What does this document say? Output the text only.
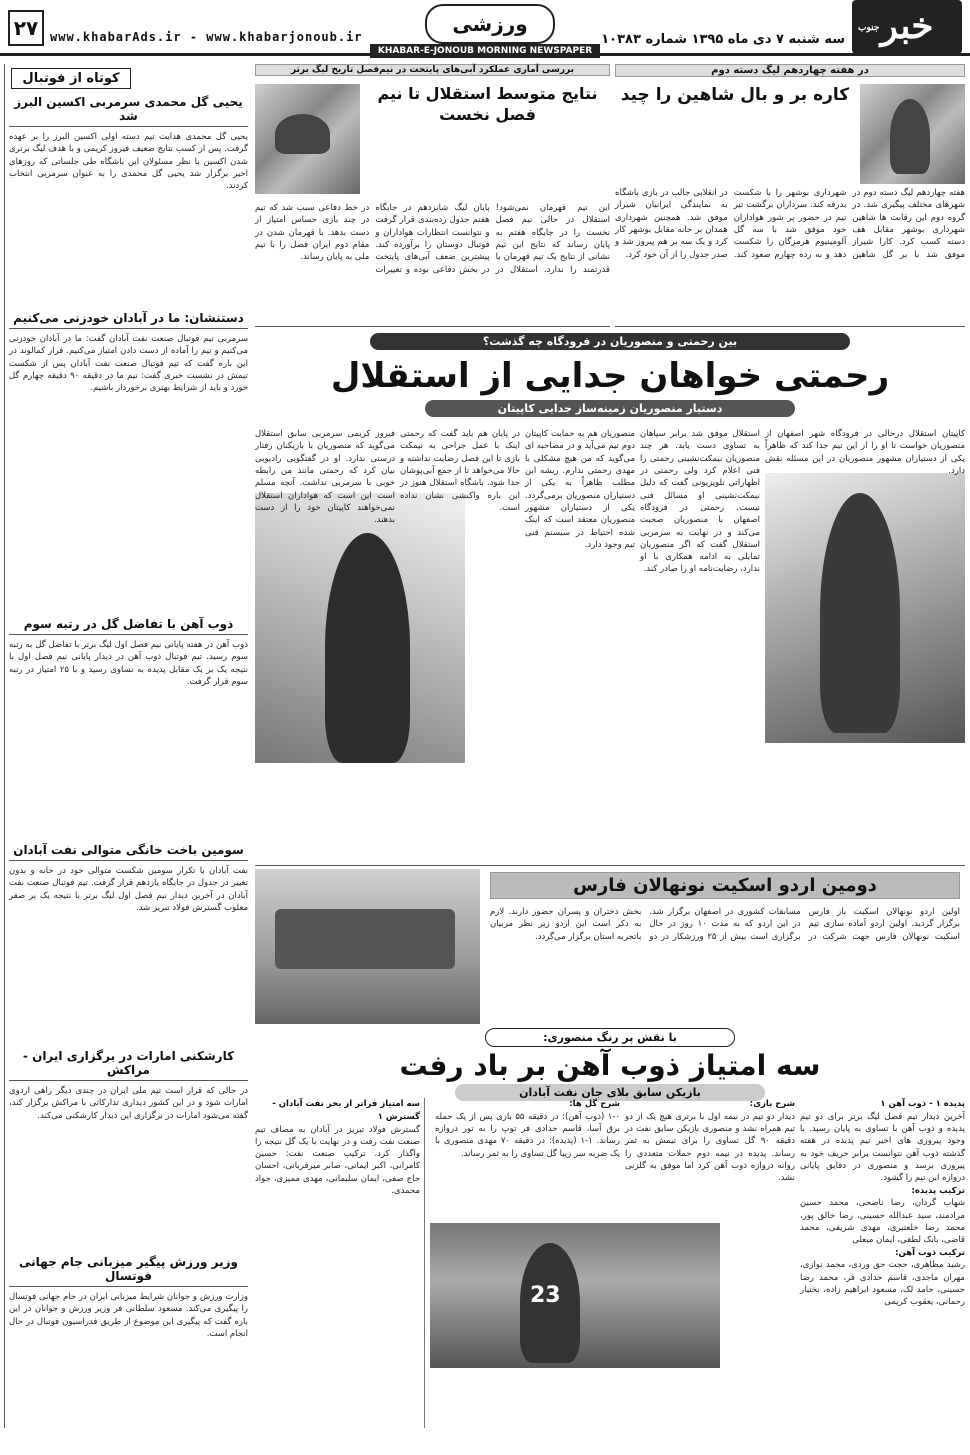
۲۷ www.khabarAds.ir - www.khabarjonoub.ir
ورزشی	جنوب خبر
سه شنبه ۷ دی ماه ۱۳۹۵ شماره ۱۰۳۸۳
KHABAR-E-JONOUB MORNING NEWSPAPER
در هفته چهاردهم لیگ دسته دوم
کاره بر و بال شاهین را چید
هفته چهاردهم لیگ دسته دوم در شهرهای مختلف پیگیری شد. در گروه دوم این رقابت ها شاهین شهرداری بوشهر مقابل هف دسته کسب کرد. کارا شیراز موفق شد با بر گل شاهین شهرداری بوشهر را با شکست بدرقه کند. سرداران برگشت تیر تیم در حضور پر شور هواداران خود موفق شد با سه گل آلومینیوم هرمزگان را شکست دهد و به رده چهارم صعود کند. در انقلابی جالب در بازی باشگاه به نمایندگی ایرانیان شیراز موفق شد. همچنین شهرداری همدان بر خانه مقابل بوشهر کار کرد و یک سه بر هم پیروز شد و صدر جدول را از آن خود کرد.
بررسی آماری عملکرد آبی‌های پایتخت در نیم‌فصل تاریخ لیگ برتر
نتایج متوسط استقلال تا نیم فصل نخست
این تیم قهرمان نمی‌شود! استقلال در حالی نیم فصل نخست را در جایگاه هفتم به پایان رساند که نتایج این تیم نشانی از نتایج یک تیم قهرمان یا قدرتمند را ندارد. استقلال در پایان لیگ شانزدهم در جایگاه هفتم جدول رده‌بندی قرار گرفت و نتوانست انتظارات هواداران و فوتبال دوستان را برآورده کند. پیشترین ضعف آبی‌های پایتخت در بخش دفاعی بوده و تغییرات در خط دفاعی سبب شد که تیم در چند بازی حساس امتیاز از دست بدهد. با قهرمان شدن در مقام دوم ایران فصل را با تیم ملی به پایان رساند.
بین رحمتی و منصوریان در فرودگاه چه گذشت؟
رحمتی خواهان جدایی از استقلال
دستیار منصوریان زمینه‌ساز جدایی کاپیتان
کاپیتان استقلال درحالی در فرودگاه شهر اصفهان از منصوریان خواست تا او را از این تیم جدا کند که ظاهراً یکی از دستیاران مشهور منصوریان در این مسئله نقش دارد.
استقلال موفق شد برابر سپاهان به تساوی دست یابد. هر چند منصوریان نیمکت‌نشینی رحمتی را فنی اعلام کرد ولی رحمتی در اظهاراتی تلویزیونی گفت که دلیل نیمکت‌نشینی او مسائل فنی نیست. رحمتی در فرودگاه اصفهان با منصوریان صحبت می‌کند و در نهایت به سرمربی استقلال گفت که اگر منصوریان تمایلی به ادامه همکاری با او ندارد، رضایت‌نامه او را صادر کند.
منصوریان هم به حمایت کاپیتان دوم تیم می‌آید و در مصاحبه ای می‌گوید که من هیچ مشکلی با مهدی رحمتی ندارم. ریشه این مطلب ظاهراً به یکی از دستیاران منصوریان برمی‌گردد. یکی از دستیاران مشهور منصوریان معتقد است که اینک شده احتیاط در سیستم فنی تیم وجود دارد.
در پایان هم باید گفت که رحمتی اینک با عمل جراحی به نیمکت بازی تا این فصل رضایت نداشته و حالا می‌خواهد تا از جمع آبی‌پوشان جدا شود. باشگاه استقلال هنوز در این باره واکنشی نشان نداده است.
فیروز کریمی سرمربی سابق استقلال می‌گوید که منصوریان با بازیکنان رفتار درستی ندارد. او در گفتگویی رادیویی بیان کرد که رحمتی مانند من رابطه خوبی با سرمربی نداشت. آنچه مسلم است این است که هواداران استقلال نمی‌خواهند کاپیتان خود را از دست بدهند.
دومین اردو اسکیت نونهالان فارس
اولین اردو نونهالان اسکیت باز فارس برگزار گردید. اولین اردو آماده سازی تیم اسکیت نونهالان فارس جهت شرکت در مسابقات کشوری در اصفهان برگزار شد. در این اردو که به مدت ۱۰ روز در حال برگزاری است بیش از ۲۵ ورزشکار در دو بخش دختران و پسران حضور دارند. لازم به ذکر است این اردو زیر نظر مربیان باتجربه استان برگزار می‌گردد.
با نقش پر رنگ منصوری:
سه امتیاز ذوب آهن بر باد رفت
بازیکن سابق بلای جان نفت آبادان
23
پدیده ۱ - ذوب آهن ۱
آخرین دیدار تیم فصل لیگ برتر برای دو تیم پدیده و ذوب آهن با تساوی به پایان رسید. با وجود پیروزی های اخیر تیم پدیده در هفته گذشته ذوب آهن نتوانست برابر حریف خود به پیروزی برسد و منصوری در دقایق پایانی دروازه این تیم را گشود.
ترکیب پدیده:
شهاب گردان، رضا ناصحی، محمد حسین مرادمند، سید عبدالله حسینی، رضا خالق پور، محمد رضا خلعتبری، مهدی شریفی، محمد قاضی، بابک لطفی، ایمان مبعلی
ترکیب ذوب آهن:
رشید مظاهری، حجت حق وردی، محمد نوازی، مهران ماجدی، قاسم حدادی فر، محمد رضا حسینی، حامد لک، مسعود ابراهیم زاده، بختیار رحمانی، یعقوب کریمی
شرح بازی:
دیدار دو تیم در نیمه اول با برتری هیچ یک از دو تیم همراه نشد و منصوری بازیکن سابق نفت در دقیقه ۹۰ گل تساوی را برای تیمش به ثمر رساند. پدیده در نیمه دوم حملات متعددی را روانه دروازه ذوب آهن کرد اما موفق به گلزنی نشد.
شرح گل ها:
۱-۰ (ذوب آهن): در دقیقه ۵۵ بازی پس از یک حمله برق آسا، قاسم حدادی فر توپ را به تور دروازه رساند. ۱-۱ (پدیده): در دقیقه ۷۰ مهدی منصوری با یک ضربه سر زیبا گل تساوی را به ثمر رساند.
سه امتیاز فراتر از بحر نفت آبادان - گسترش ۱
گسترش فولاد تبریز در آبادان به مصاف تیم صنعت نفت رفت و در نهایت با یک گل نتیجه را واگذار کرد. ترکیب صنعت نفت: حسین کامرانی، اکبر ایمانی، صابر میرقربانی، احسان حاج صفی، ایمان سلیمانی، مهدی ممیزی، جواد محمدی.
کوتاه از فوتبال
یحیی گل محمدی سرمربی اکسین البرز شد
یحیی گل محمدی هدایت تیم دسته اولی اکسین البرز را بر عهده گرفت. پس از کسب نتایج ضعیف فیروز کریمی و با هدف لیگ برتری شدن اکسین با نظر مسئولان این باشگاه طی جلساتی که روزهای اخیر برگزار شد یحیی گل محمدی را به عنوان سرمربی انتخاب کردند.
دستنشان: ما در آبادان خودزنی می‌کنیم
سرمربی تیم فوتبال صنعت نفت آبادان گفت: ما در آبادان خودزنی می‌کنیم و تیم را آماده از دست دادن امتیاز می‌کنیم. فراز کمالوند در این باره گفت که تیم فوتبال صنعت نفت آبادان پس از شکست تیمش در نشست خبری گفت: تیم ما در دقیقه ۹۰ دقیقه چهارم گل خورد و باید از شرایط بهتری برخوردار باشیم.
ذوب آهن با تفاضل گل در رتبه سوم
ذوب آهن در هفته پایانی نیم فصل اول لیگ برتر با تفاضل گل به رتبه سوم رسید. تیم فوتبال ذوب آهن در دیدار پایانی نیم فصل اول با نتیجه یک بر یک مقابل پدیده به تساوی رسید و با ۲۵ امتیاز در رتبه سوم قرار گرفت.
سومین باخت خانگی متوالی نفت آبادان
نفت آبادان با تکرار سومین شکست متوالی خود در خانه و بدون تغییر در جدول در جایگاه یازدهم قرار گرفت. تیم فوتبال صنعت نفت آبادان در آخرین دیدار نیم فصل اول لیگ برتر با نتیجه یک بر صفر مغلوب گسترش فولاد تبریز شد.
کارشکنی امارات در برگزاری ایران - مراکش
در حالی که قرار است تیم ملی ایران در چندی دیگر راهی اردوی امارات شود و در این کشور دیداری تدارکاتی با مراکش برگزار کند، گفته می‌شود امارات در برگزاری این دیدار کارشکنی می‌کند.
وزیر ورزش پیگیر میزبانی جام جهانی فوتسال
وزارت ورزش و جوانان شرایط میزبانی ایران در جام جهانی فوتسال را پیگیری می‌کند. مسعود سلطانی فر وزیر ورزش و جوانان در این باره گفت که پیگیری این موضوع از طریق فدراسیون فوتبال در حال انجام است.
